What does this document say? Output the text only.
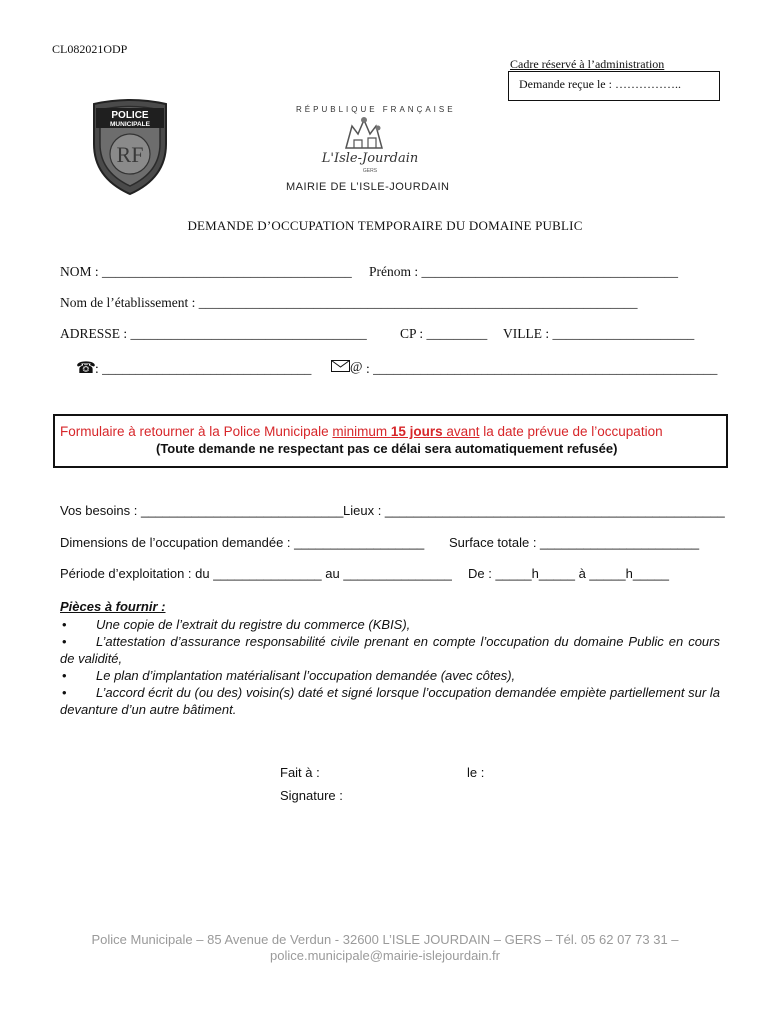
CL082021ODP
Cadre réservé à l’administration
Demande reçue le : ……………..
POLICE
MUNICIPALE
RF
RÉPUBLIQUE FRANÇAISE
L'Isle-Jourdain
GERS
MAIRIE DE L’ISLE-JOURDAIN
DEMANDE D’OCCUPATION TEMPORAIRE DU DOMAINE PUBLIC
NOM : _____________________________________ Prénom : ______________________________________
Nom de l’établissement : _________________________________________________________________
ADRESSE : ___________________________________ CP : _________ VILLE : _____________________
☎ : _______________________________	@ : ___________________________________________________
Formulaire à retourner à la Police Municipale minimum 15 jours avant la date prévue de l’occupation
(Toute demande ne respectant pas ce délai sera automatiquement refusée)
Vos besoins : ____________________________ Lieux : _______________________________________________
Dimensions de l’occupation demandée : __________________ Surface totale : ______________________
Période d’exploitation : du _______________ au _______________ De : _____h_____ à _____h_____
Pièces à fournir :
•	Une copie de l’extrait du registre du commerce (KBIS),
•	L’attestation d’assurance responsabilité civile prenant en compte l’occupation du domaine Public en cours de validité,
•	Le plan d’implantation matérialisant l’occupation demandée (avec côtes),
•	L’accord écrit du (ou des) voisin(s) daté et signé lorsque l’occupation demandée empiète partiellement sur la devanture d’un autre bâtiment.
Fait à :	le :
Signature :
Police Municipale – 85 Avenue de Verdun - 32600 L’ISLE JOURDAIN – GERS – Tél. 05 62 07 73 31 –
police.municipale@mairie-islejourdain.fr
